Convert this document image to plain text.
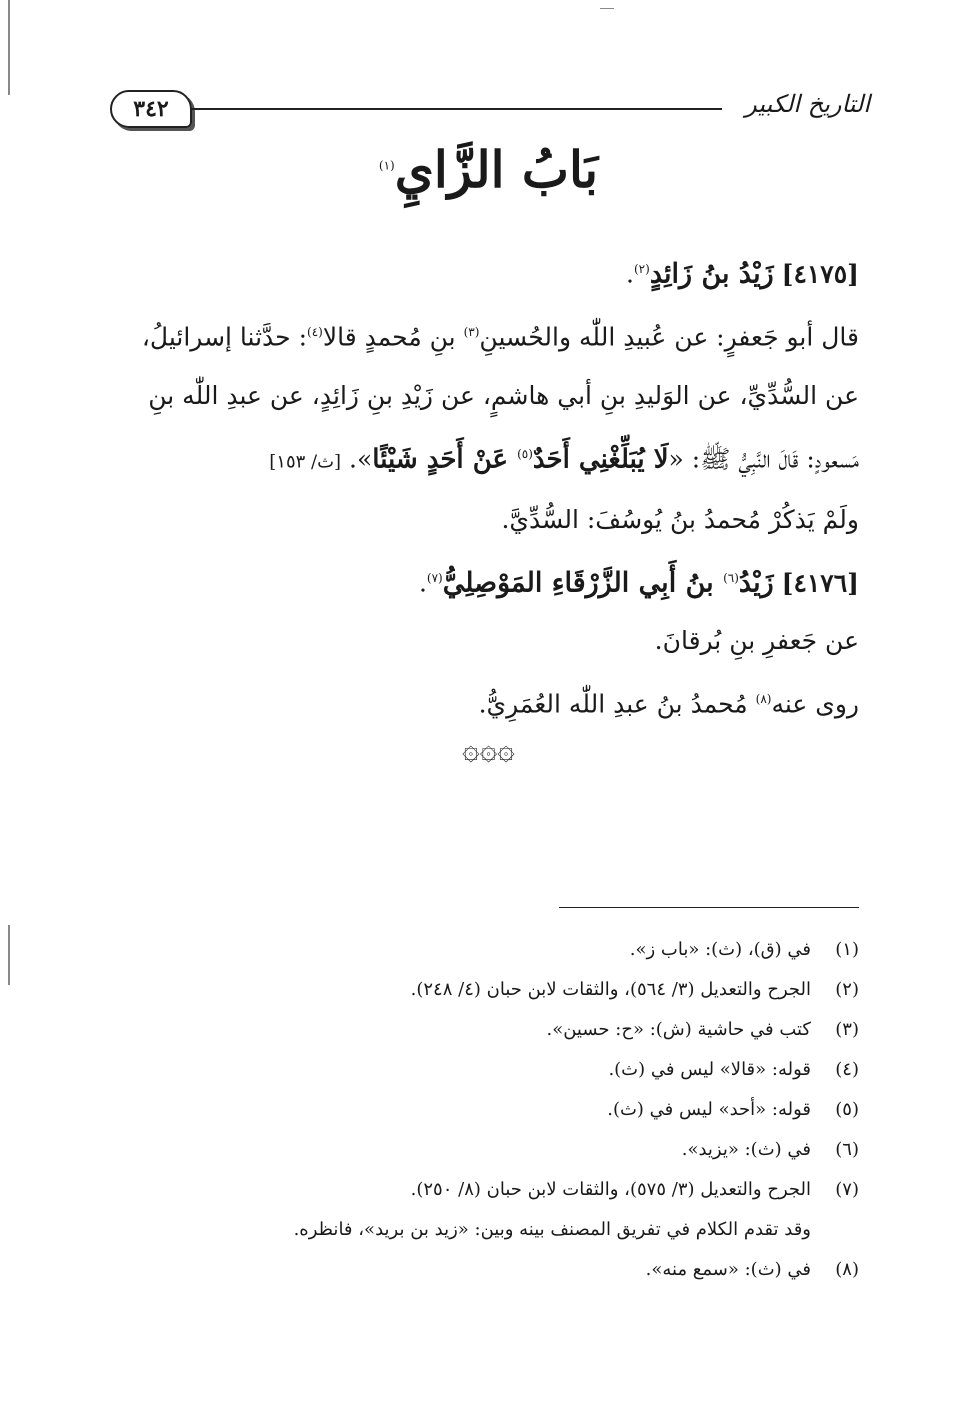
٣٤٢	التاريخ الكبير
بَابُ الزَّايِ$^{(١)}$
[٤١٧٥] زَيْدُ بنُ زَائِدٍ$^{(٢)}$.
قال أبو جَعفرٍ: عن عُبيدِ اللّٰه والحُسينِ$^{(٣)}$ بنِ مُحمدٍ قالا$^{(٤)}$: حدَّثنا إسرائيلُ،
عن السُّدِّيِّ، عن الوَليدِ بنِ أبي هاشمٍ، عن زَيْدِ بنِ زَائِدٍ، عن عبدِ اللّٰه بنِ
مَسعودٍ: قَالَ النَّبِيُّ ﷺ: «لَا يُبَلِّغْنِي أَحَدٌ$^{(٥)}$ عَنْ أَحَدٍ شَيْئًا». [ث/ ١٥٣]
ولَمْ يَذكُرْ مُحمدُ بنُ يُوسُفَ: السُّدِّيَّ.
[٤١٧٦] زَيْدُ$^{(٦)}$ بنُ أَبِي الزَّرْقَاءِ المَوْصِلِيُّ$^{(٧)}$.
عن جَعفرِ بنِ بُرقانَ.
روى عنه$^{(٨)}$ مُحمدُ بنُ عبدِ اللّٰه العُمَرِيُّ.
۞۞۞
(١)في (ق)، (ث): «باب ز».
(٢)الجرح والتعديل (٣/ ٥٦٤)، والثقات لابن حبان (٤/ ٢٤٨).
(٣)كتب في حاشية (ش): «ح: حسين».
(٤)قوله: «قالا» ليس في (ث).
(٥)قوله: «أحد» ليس في (ث).
(٦)في (ث): «يزيد».
(٧)الجرح والتعديل (٣/ ٥٧٥)، والثقات لابن حبان (٨/ ٢٥٠).
وقد تقدم الكلام في تفريق المصنف بينه وبين: «زيد بن بريد»، فانظره.
(٨)في (ث): «سمع منه».
